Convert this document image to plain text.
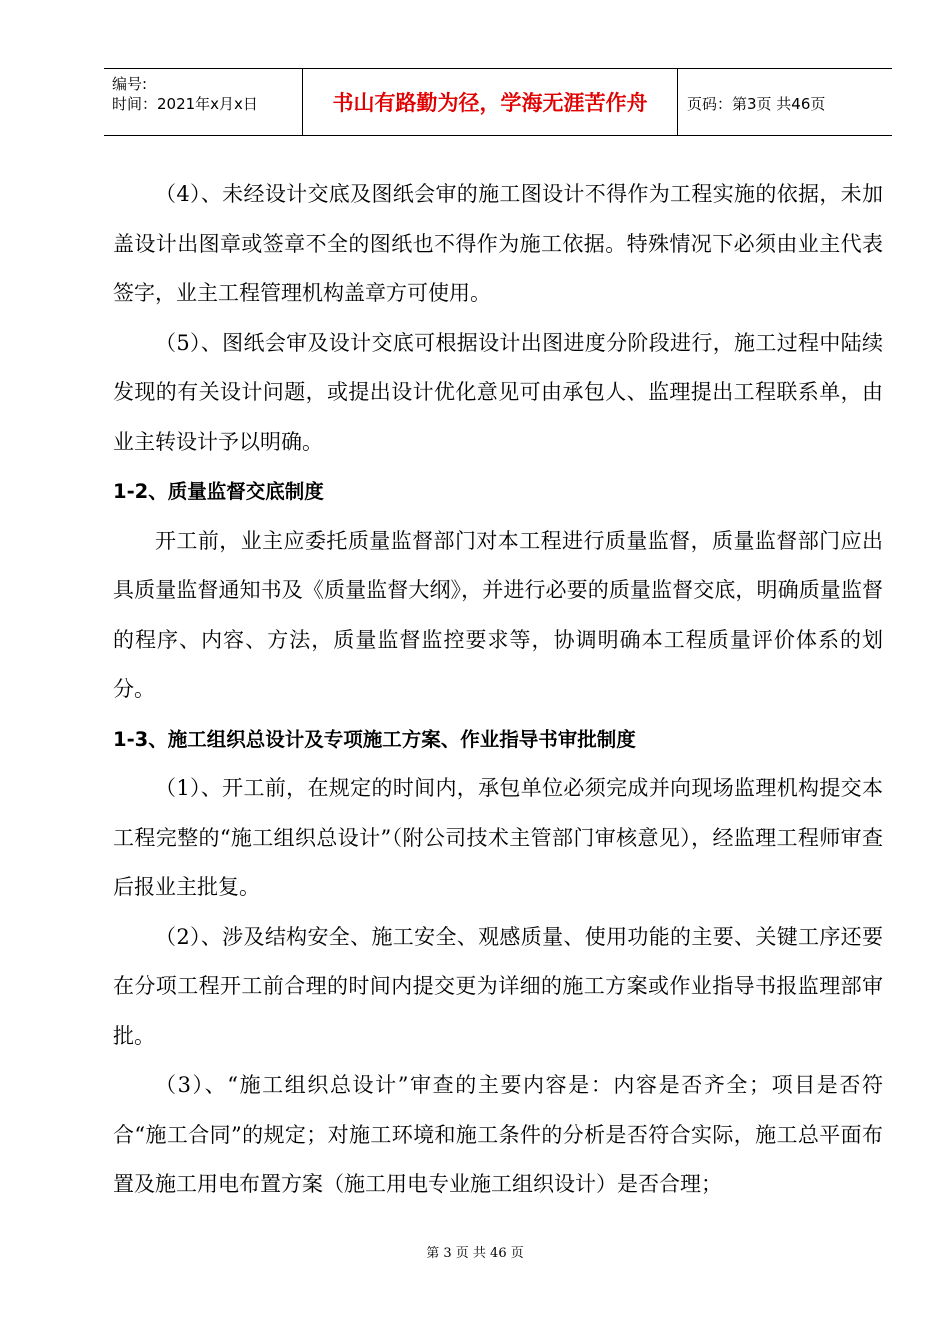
编号:
时间：2021年x月x日	书山有路勤为径，学海无涯苦作舟	页码：第3页 共46页

（4）、未经设计交底及图纸会审的施工图设计不得作为工程实施的依据，未加盖设计出图章或签章不全的图纸也不得作为施工依据。特殊情况下必须由业主代表签字，业主工程管理机构盖章方可使用。

（5）、图纸会审及设计交底可根据设计出图进度分阶段进行，施工过程中陆续发现的有关设计问题，或提出设计优化意见可由承包人、监理提出工程联系单，由业主转设计予以明确。

1-2、质量监督交底制度

开工前，业主应委托质量监督部门对本工程进行质量监督，质量监督部门应出具质量监督通知书及《质量监督大纲》，并进行必要的质量监督交底，明确质量监督的程序、内容、方法，质量监督监控要求等，协调明确本工程质量评价体系的划分。

1-3、施工组织总设计及专项施工方案、作业指导书审批制度

（1）、开工前，在规定的时间内，承包单位必须完成并向现场监理机构提交本工程完整的“施工组织总设计”（附公司技术主管部门审核意见），经监理工程师审查后报业主批复。

（2）、涉及结构安全、施工安全、观感质量、使用功能的主要、关键工序还要在分项工程开工前合理的时间内提交更为详细的施工方案或作业指导书报监理部审批。

（3）、“施工组织总设计”审查的主要内容是：内容是否齐全；项目是否符合“施工合同”的规定；对施工环境和施工条件的分析是否符合实际，施工总平面布置及施工用电布置方案（施工用电专业施工组织设计）是否合理；

第 3 页 共 46 页
